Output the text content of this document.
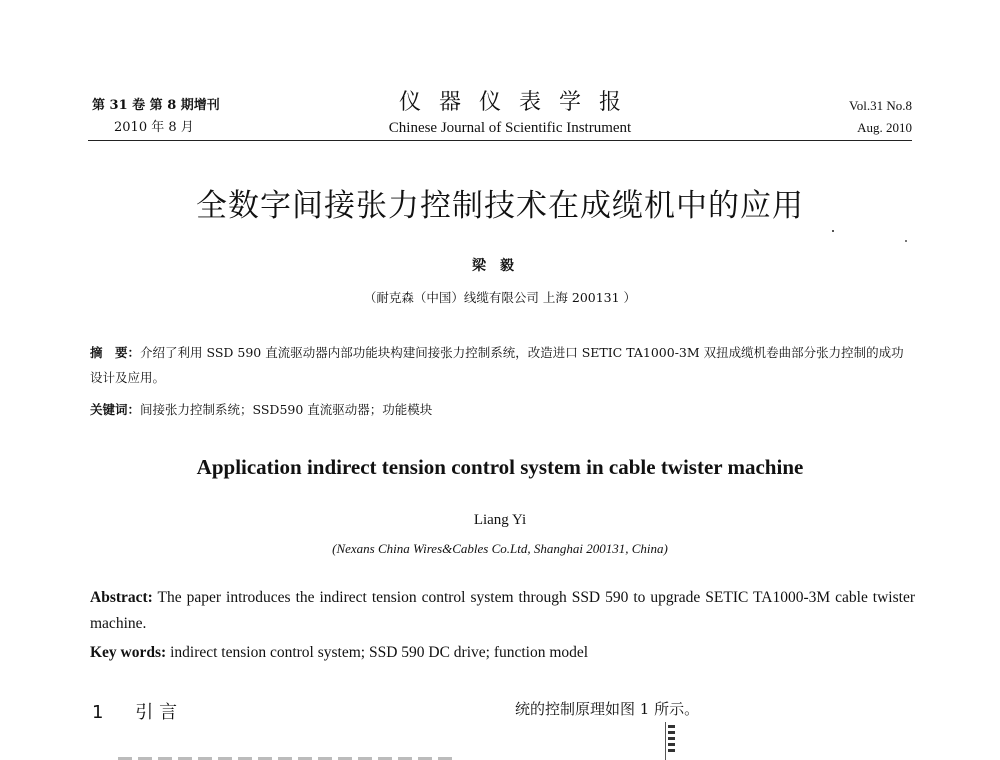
第 31 卷 第 8 期增刊
2010 年 8 月
仪器仪表学报
Chinese Journal of Scientific Instrument
Vol.31 No.8
Aug. 2010
全数字间接张力控制技术在成缆机中的应用
梁毅
（耐克森（中国）线缆有限公司 上海 200131 ）
摘　要：介绍了利用 SSD 590 直流驱动器内部功能块构建间接张力控制系统，改造进口 SETIC TA1000-3M 双扭成缆机卷曲部分张力控制的成功设计及应用。
关键词：间接张力控制系统；SSD590 直流驱动器；功能模块
Application indirect tension control system in cable twister machine
Liang Yi
(Nexans China Wires&Cables Co.Ltd, Shanghai 200131, China)
Abstract: The paper introduces the indirect tension control system through SSD 590 to upgrade SETIC TA1000-3M cable twister machine.
Key words: indirect tension control system; SSD 590 DC drive; function model
1 引言	统的控制原理如图 1 所示。
